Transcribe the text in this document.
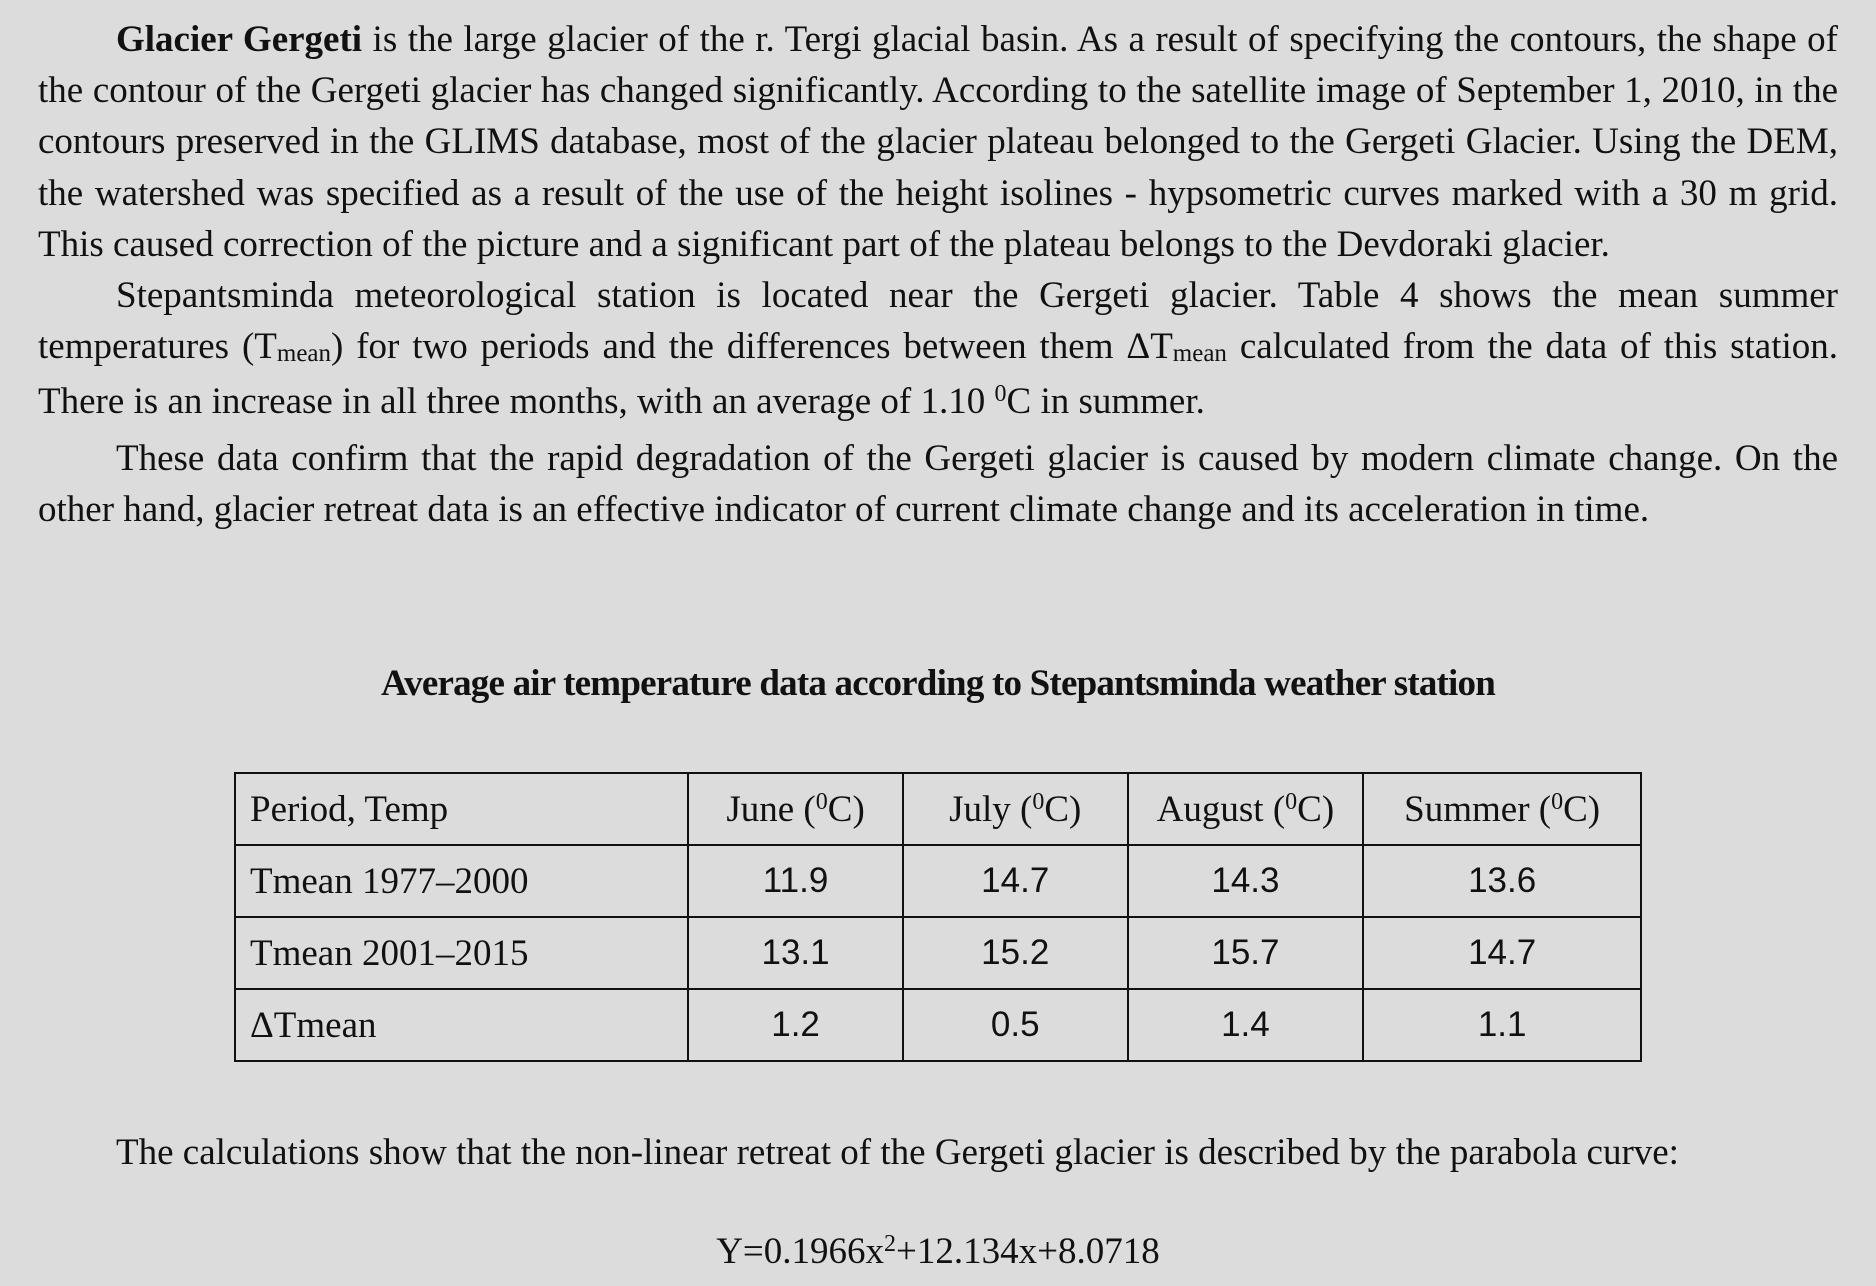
Glacier Gergeti is the large glacier of the r. Tergi glacial basin. As a result of specifying the contours, the shape of the contour of the Gergeti glacier has changed significantly. According to the satellite image of September 1, 2010, in the contours preserved in the GLIMS database, most of the glacier plateau belonged to the Gergeti Glacier. Using the DEM, the watershed was specified as a result of the use of the height isolines - hypsometric curves marked with a 30 m grid. This caused correction of the picture and a significant part of the plateau belongs to the Devdoraki glacier.

Stepantsminda meteorological station is located near the Gergeti glacier. Table 4 shows the mean summer temperatures (Tmean) for two periods and the differences between them ΔTmean calculated from the data of this station. There is an increase in all three months, with an average of 1.10 $^0$C in summer.

These data confirm that the rapid degradation of the Gergeti glacier is caused by modern climate change. On the other hand, glacier retreat data is an effective indicator of current climate change and its acceleration in time.

Average air temperature data according to Stepantsminda weather station
Period, Temp	June ($^0$C)	July ($^0$C)	August ($^0$C)	Summer ($^0$C)
Tmean 1977–2000	11.9	14.7	14.3	13.6
Tmean 2001–2015	13.1	15.2	15.7	14.7
ΔTmean	1.2	0.5	1.4	1.1

The calculations show that the non-linear retreat of the Gergeti glacier is described by the parabola curve:

$Y=0.1966x^2+12.134x+8.0718$
